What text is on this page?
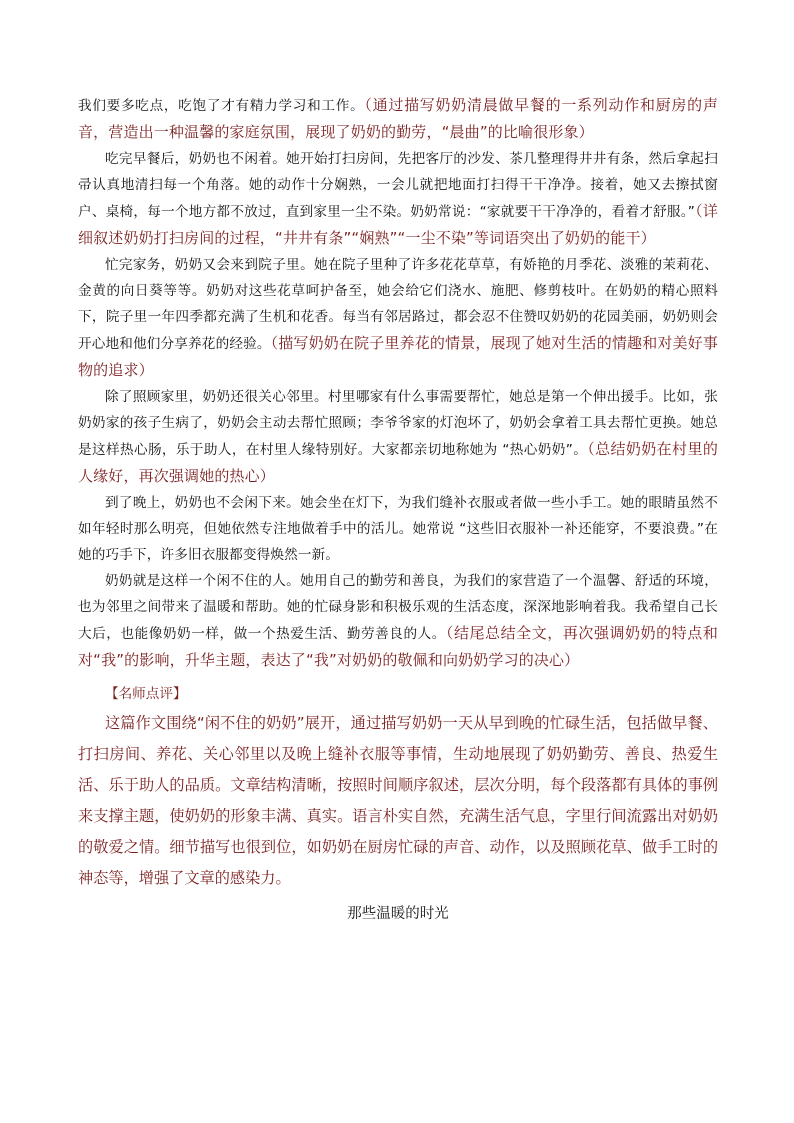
我们要多吃点，吃饱了才有精力学习和工作。（通过描写奶奶清晨做早餐的一系列动作和厨房的声音，营造出一种温馨的家庭氛围，展现了奶奶的勤劳，“晨曲”的比喻很形象）

吃完早餐后，奶奶也不闲着。她开始打扫房间，先把客厅的沙发、茶几整理得井井有条，然后拿起扫帚认真地清扫每一个角落。她的动作十分娴熟，一会儿就把地面打扫得干干净净。接着，她又去擦拭窗户、桌椅，每一个地方都不放过，直到家里一尘不染。奶奶常说：“家就要干干净净的，看着才舒服。”（详细叙述奶奶打扫房间的过程，“井井有条”“娴熟”“一尘不染”等词语突出了奶奶的能干）

忙完家务，奶奶又会来到院子里。她在院子里种了许多花花草草，有娇艳的月季花、淡雅的茉莉花、金黄的向日葵等等。奶奶对这些花草呵护备至，她会给它们浇水、施肥、修剪枝叶。在奶奶的精心照料下，院子里一年四季都充满了生机和花香。每当有邻居路过，都会忍不住赞叹奶奶的花园美丽，奶奶则会开心地和他们分享养花的经验。（描写奶奶在院子里养花的情景，展现了她对生活的情趣和对美好事物的追求）

除了照顾家里，奶奶还很关心邻里。村里哪家有什么事需要帮忙，她总是第一个伸出援手。比如，张奶奶家的孩子生病了，奶奶会主动去帮忙照顾；李爷爷家的灯泡坏了，奶奶会拿着工具去帮忙更换。她总是这样热心肠，乐于助人，在村里人缘特别好。大家都亲切地称她为 “热心奶奶”。（总结奶奶在村里的人缘好，再次强调她的热心）

到了晚上，奶奶也不会闲下来。她会坐在灯下，为我们缝补衣服或者做一些小手工。她的眼睛虽然不如年轻时那么明亮，但她依然专注地做着手中的活儿。她常说 “这些旧衣服补一补还能穿，不要浪费。”在她的巧手下，许多旧衣服都变得焕然一新。

奶奶就是这样一个闲不住的人。她用自己的勤劳和善良，为我们的家营造了一个温馨、舒适的环境，也为邻里之间带来了温暖和帮助。她的忙碌身影和积极乐观的生活态度，深深地影响着我。我希望自己长大后，也能像奶奶一样，做一个热爱生活、勤劳善良的人。（结尾总结全文，再次强调奶奶的特点和对“我”的影响，升华主题，表达了“我”对奶奶的敬佩和向奶奶学习的决心）

【名师点评】

这篇作文围绕“闲不住的奶奶”展开，通过描写奶奶一天从早到晚的忙碌生活，包括做早餐、打扫房间、养花、关心邻里以及晚上缝补衣服等事情，生动地展现了奶奶勤劳、善良、热爱生活、乐于助人的品质。文章结构清晰，按照时间顺序叙述，层次分明，每个段落都有具体的事例来支撑主题，使奶奶的形象丰满、真实。语言朴实自然，充满生活气息，字里行间流露出对奶奶的敬爱之情。细节描写也很到位，如奶奶在厨房忙碌的声音、动作，以及照顾花草、做手工时的神态等，增强了文章的感染力。

那些温暖的时光
